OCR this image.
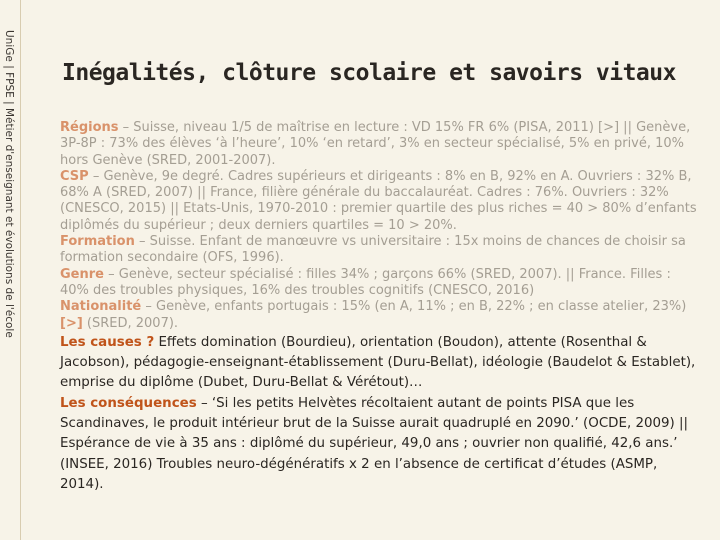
UniGe | FPSE | Métier d'enseignant et évolutions de l'école Inégalités, clôture scolaire et savoirs vitaux

Régions – Suisse, niveau 1/5 de maîtrise en lecture : VD 15% FR 6% (PISA, 2011) [>] || Genève, 3P-8P : 73% des élèves ‘à l’heure’, 10% ‘en retard’, 3% en secteur spécialisé, 5% en privé, 10% hors Genève (SRED, 2001-2007).

CSP – Genève, 9e degré. Cadres supérieurs et dirigeants : 8% en B, 92% en A. Ouvriers : 32% B, 68% A (SRED, 2007) || France, filière générale du baccalauréat. Cadres : 76%. Ouvriers : 32% (CNESCO, 2015) || Etats-Unis, 1970-2010 : premier quartile des plus riches = 40 > 80% d’enfants diplômés du supérieur ; deux derniers quartiles = 10 > 20%.

Formation – Suisse. Enfant de manœuvre vs universitaire : 15x moins de chances de choisir sa formation secondaire (OFS, 1996).

Genre – Genève, secteur spécialisé : filles 34% ; garçons 66% (SRED, 2007). || France. Filles : 40% des troubles physiques, 16% des troubles cognitifs (CNESCO, 2016)

Nationalité – Genève, enfants portugais : 15% (en A, 11% ; en B, 22% ; en classe atelier, 23%) [>] (SRED, 2007).

Les causes ? Effets domination (Bourdieu), orientation (Boudon), attente (Rosenthal & Jacobson), pédagogie-enseignant-établissement (Duru-Bellat), idéologie (Baudelot & Establet), emprise du diplôme (Dubet, Duru-Bellat & Vérétout)…

Les conséquences – ‘Si les petits Helvètes récoltaient autant de points PISA que les Scandinaves, le produit intérieur brut de la Suisse aurait quadruplé en 2090.’ (OCDE, 2009) || Espérance de vie à 35 ans : diplômé du supérieur, 49,0 ans ; ouvrier non qualifié, 42,6 ans.’ (INSEE, 2016) Troubles neuro-dégénératifs x 2 en l’absence de certificat d’études (ASMP, 2014).
